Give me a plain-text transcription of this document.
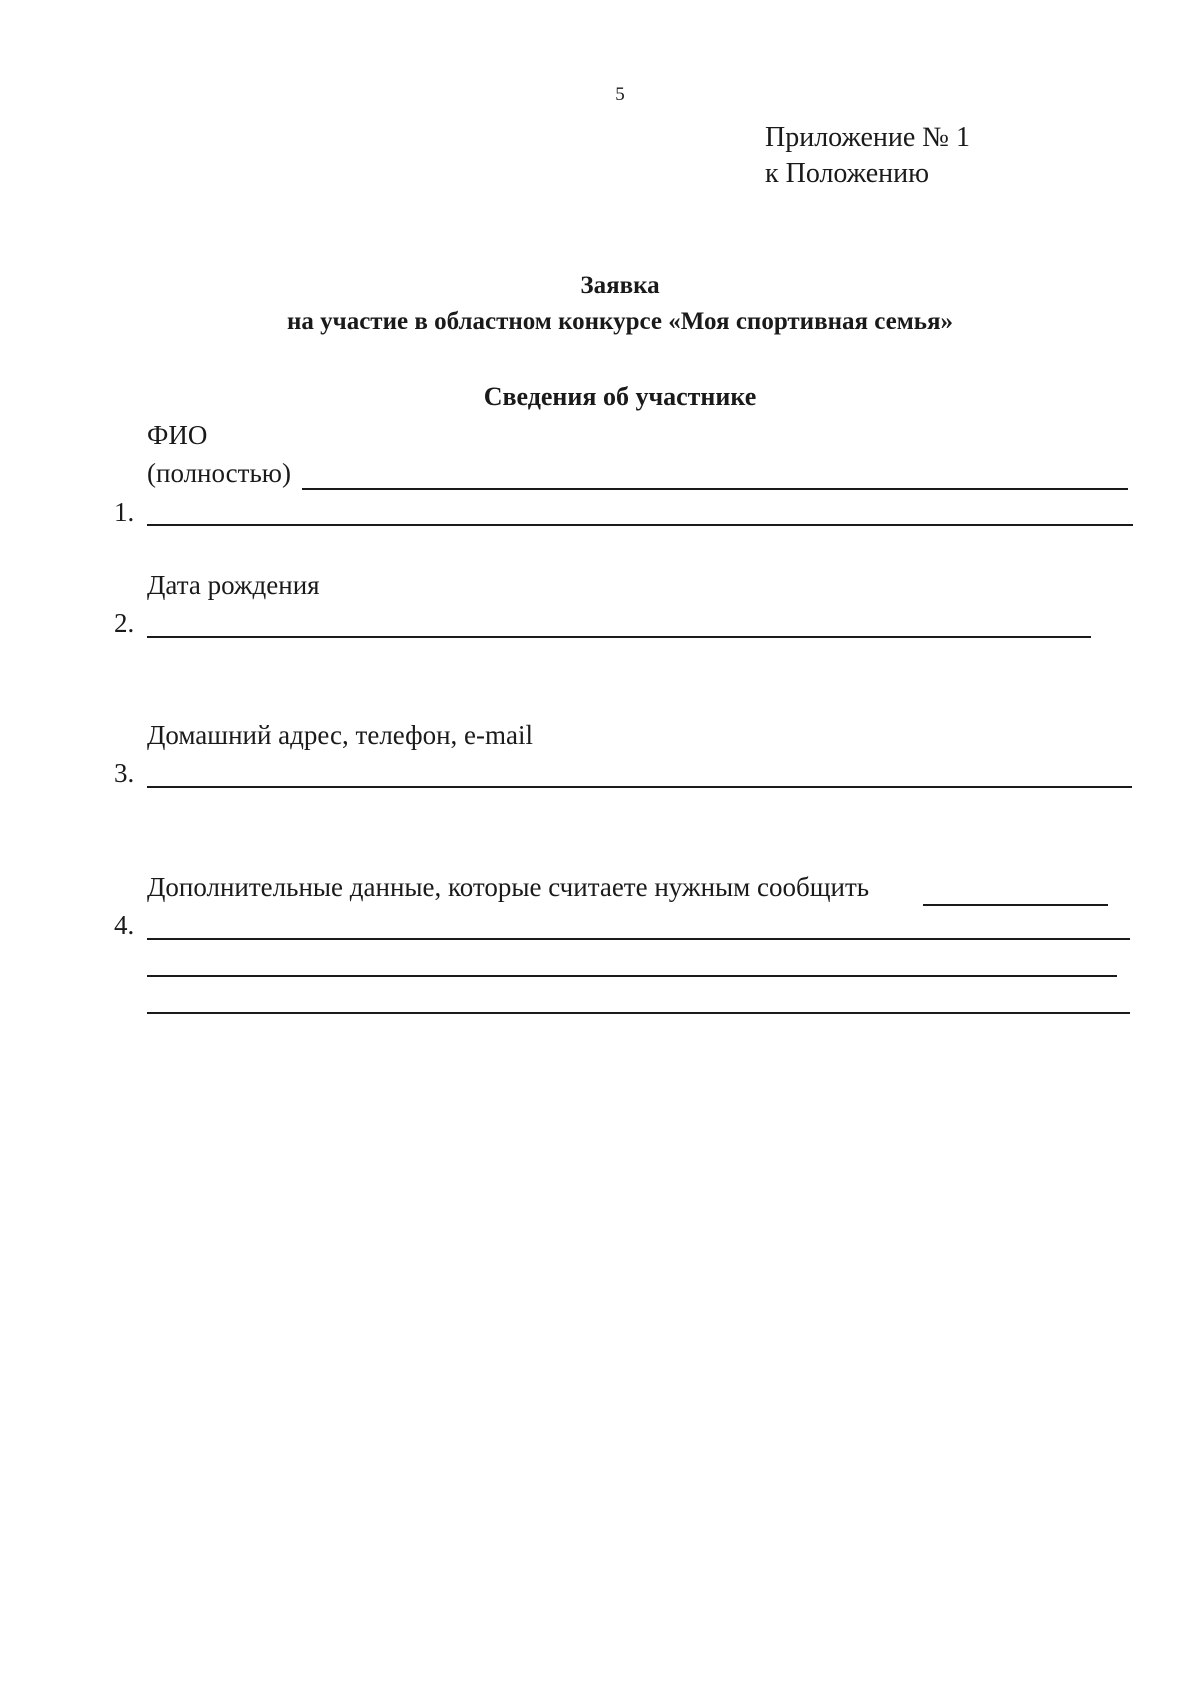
5
Приложение № 1
к Положению
Заявка
на участие в областном конкурсе «Моя спортивная семья»
Сведения об участнике
ФИО
(полностью)
1.
Дата рождения
2.
Домашний адрес, телефон, e-mail
3.
Дополнительные данные, которые считаете нужным сообщить
4.
